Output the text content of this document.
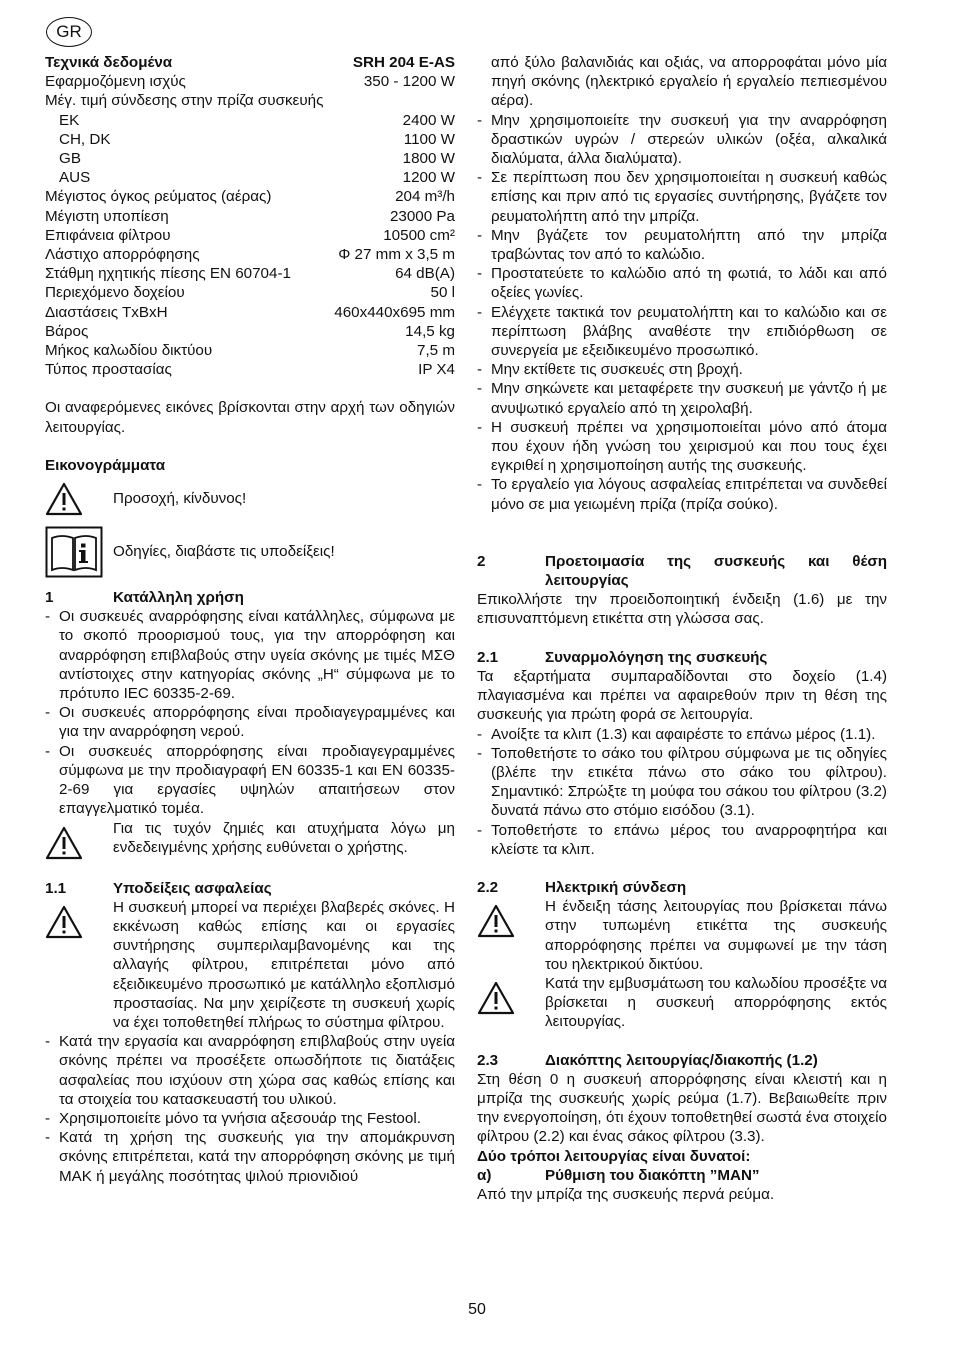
GR
Τεχνικά δεδομένα	SRH 204 E-AS
Εφαρμοζόμενη ισχύς	350 - 1200 W
Μέγ. τιμή σύνδεσης στην πρίζα συσκευής
EK	2400 W
CH, DK	1100 W
GB	1800 W
AUS	1200 W
Μέγιστος όγκος ρεύματος (αέρας)	204 m³/h
Μέγιστη υποπίεση	23000 Pa
Επιφάνεια φίλτρου	10500 cm²
Λάστιχο απορρόφησης	Φ 27 mm x 3,5 m
Στάθμη ηχητικής πίεσης EN 60704-1	64 dB(A)
Περιεχόμενο δοχείου	50 l
Διαστάσεις ΤxΒxΗ	460x440x695 mm
Βάρος	14,5 kg
Μήκος καλωδίου δικτύου	7,5 m
Τύπος προστασίας	IP X4
Οι αναφερόμενες εικόνες βρίσκονται στην αρχή των οδηγιών λειτουργίας.
Εικονογράμματα
Προσοχή, κίνδυνος!
Οδηγίες, διαβάστε τις υποδείξεις!
1	Κατάλληλη χρήση
- Οι συσκευές αναρρόφησης είναι κατάλληλες, σύμφωνα με το σκοπό προορισμού τους, για την απορρόφηση και αναρρόφηση επιβλαβούς στην υγεία σκόνης με τιμές ΜΣΘ αντίστοιχες στην κατηγορίας σκόνης „Η“ σύμφωνα με το πρότυπο IEC 60335-2-69.
- Οι συσκευές απορρόφησης είναι προδιαγεγραμμένες και για την αναρρόφηση νερού.
- Οι συσκευές απορρόφησης είναι προδιαγεγραμμένες σύμφωνα με την προδιαγραφή EN 60335-1 και EN 60335-2-69 για εργασίες υψηλών απαιτήσεων στον επαγγελματικό τομέα.
Για τις τυχόν ζημιές και ατυχήματα λόγω μη ενδεδειγμένης χρήσης ευθύνεται ο χρήστης.
1.1	Υποδείξεις ασφαλείας
Η συσκευή μπορεί να περιέχει βλαβερές σκόνες. Η εκκένωση καθώς επίσης και οι εργασίες συντήρησης συμπεριλαμβανομένης και της αλλαγής φίλτρου, επιτρέπεται μόνο από εξειδικευμένο προσωπικό με κατάλληλο εξοπλισμό προστασίας. Να μην χειρίζεστε τη συσκευή χωρίς να έχει τοποθετηθεί πλήρως το σύστημα φίλτρου.
- Κατά την εργασία και αναρρόφηση επιβλαβούς στην υγεία σκόνης πρέπει να προσέξετε οπωσδήποτε τις διατάξεις ασφαλείας που ισχύουν στη χώρα σας καθώς επίσης και τα στοιχεία του κατασκευαστή του υλικού.
- Χρησιμοποιείτε μόνο τα γνήσια αξεσουάρ της Festool.
- Κατά τη χρήση της συσκευής για την απομάκρυνση σκόνης επιτρέπεται, κατά την απορρόφηση σκόνης με τιμή ΜΑΚ ή μεγάλης ποσότητας ψιλού πριονιδιού
από ξύλο βαλανιδιάς και οξιάς, να απορροφάται μόνο μία πηγή σκόνης (ηλεκτρικό εργαλείο ή εργαλείο πεπιεσμένου αέρα).
- Μην χρησιμοποιείτε την συσκευή για την αναρρόφηση δραστικών υγρών / στερεών υλικών (οξέα, αλκαλικά διαλύματα, άλλα διαλύματα).
- Σε περίπτωση που δεν χρησιμοποιείται η συσκευή καθώς επίσης και πριν από τις εργασίες συντήρησης, βγάζετε τον ρευματολήπτη από την μπρίζα.
- Μην βγάζετε τον ρευματολήπτη από την μπρίζα τραβώντας τον από το καλώδιο.
- Προστατεύετε το καλώδιο από τη φωτιά, το λάδι και από οξείες γωνίες.
- Ελέγχετε τακτικά τον ρευματολήπτη και το καλώδιο και σε περίπτωση βλάβης αναθέστε την επιδιόρθωση σε συνεργεία με εξειδικευμένο προσωπικό.
- Μην εκτίθετε τις συσκευές στη βροχή.
- Μην σηκώνετε και μεταφέρετε την συσκευή με γάντζο ή με ανυψωτικό εργαλείο από τη χειρολαβή.
- Η συσκευή πρέπει να χρησιμοποιείται μόνο από άτομα που έχουν ήδη γνώση του χειρισμού και που τους έχει εγκριθεί η χρησιμοποίηση αυτής της συσκευής.
- Το εργαλείο για λόγους ασφαλείας επιτρέπεται να συνδεθεί μόνο σε μια γειωμένη πρίζα (πρίζα σούκο).
2	Προετοιμασία της συσκευής και θέση λειτουργίας
Επικολλήστε την προειδοποιητική ένδειξη (1.6) με την επισυναπτόμενη ετικέττα στη γλώσσα σας.
2.1	Συναρμολόγηση της συσκευής
Τα εξαρτήματα συμπαραδίδονται στο δοχείο (1.4) πλαγιασμένα και πρέπει να αφαιρεθούν πριν τη θέση της συσκευής για πρώτη φορά σε λειτουργία.
- Ανοίξτε τα κλιπ (1.3) και αφαιρέστε το επάνω μέρος (1.1).
- Τοποθετήστε το σάκο του φίλτρου σύμφωνα με τις οδηγίες (βλέπε την ετικέτα πάνω στο σάκο του φίλτρου). Σημαντικό: Σπρώξτε τη μούφα του σάκου του φίλτρου (3.2) δυνατά πάνω στο στόμιο εισόδου (3.1).
- Τοποθετήστε το επάνω μέρος του αναρροφητήρα και κλείστε τα κλιπ.
2.2	Ηλεκτρική σύνδεση
Η ένδειξη τάσης λειτουργίας που βρίσκεται πάνω στην τυπωμένη ετικέττα της συσκευής απορρόφησης πρέπει να συμφωνεί με την τάση του ηλεκτρικού δικτύου.
Κατά την εμβυσμάτωση του καλωδίου προσέξτε να βρίσκεται η συσκευή απορρόφησης εκτός λειτουργίας.
2.3	Διακόπτης λειτουργίας/διακοπής (1.2)
Στη θέση 0 η συσκευή απορρόφησης είναι κλειστή και η μπρίζα της συσκευής χωρίς ρεύμα (1.7). Βεβαιωθείτε πριν την ενεργοποίηση, ότι έχουν τοποθετηθεί σωστά ένα στοιχείο φίλτρου (2.2) και ένας σάκος φίλτρου (3.3).
Δύο τρόποι λειτουργίας είναι δυνατοί:
α)	Ρύθμιση του διακόπτη ”MAN”
Από την μπρίζα της συσκευής περνά ρεύμα.
50
